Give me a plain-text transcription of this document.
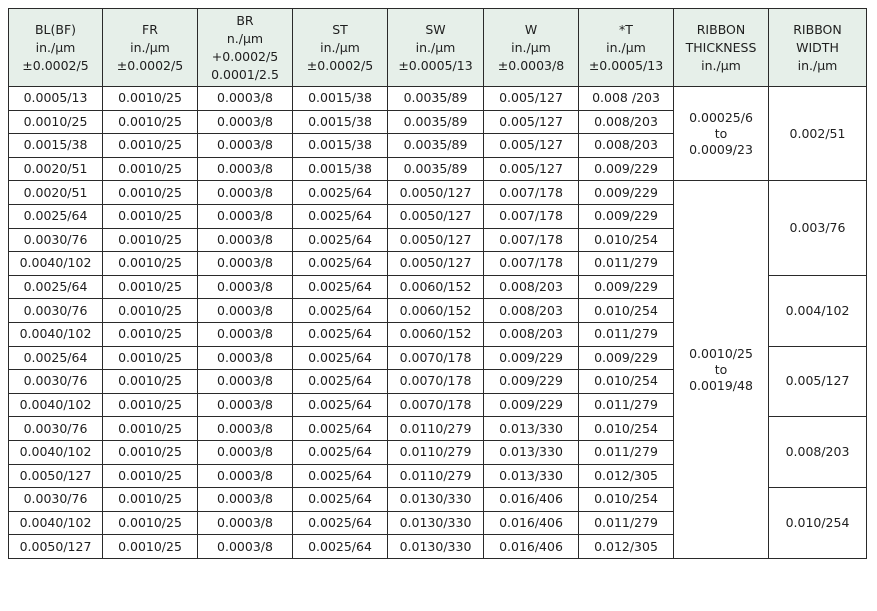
BL(BF)
in./µm
±0.0002/5	FR
in./µm
±0.0002/5	BR
n./µm
+0.0002/5
0.0001/2.5	ST
in./µm
±0.0002/5	SW
in./µm
±0.0005/13	W
in./µm
±0.0003/8	*T
in./µm
±0.0005/13	RIBBON
THICKNESS
in./µm	RIBBON
WIDTH
in./µm

0.0005/13	0.0010/25	0.0003/8	0.0015/38	0.0035/89	0.005/127	0.008 /203	0.00025/6
to
0.0009/23	0.002/51
0.0010/25	0.0010/25	0.0003/8	0.0015/38	0.0035/89	0.005/127	0.008/203		
0.0015/38	0.0010/25	0.0003/8	0.0015/38	0.0035/89	0.005/127	0.008/203		
0.0020/51	0.0010/25	0.0003/8	0.0015/38	0.0035/89	0.005/127	0.009/229		
0.0020/51	0.0010/25	0.0003/8	0.0025/64	0.0050/127	0.007/178	0.009/229	0.0010/25
to
0.0019/48	0.003/76
0.0025/64	0.0010/25	0.0003/8	0.0025/64	0.0050/127	0.007/178	0.009/229		
0.0030/76	0.0010/25	0.0003/8	0.0025/64	0.0050/127	0.007/178	0.010/254		
0.0040/102	0.0010/25	0.0003/8	0.0025/64	0.0050/127	0.007/178	0.011/279		
0.0025/64	0.0010/25	0.0003/8	0.0025/64	0.0060/152	0.008/203	0.009/229		0.004/102
0.0030/76	0.0010/25	0.0003/8	0.0025/64	0.0060/152	0.008/203	0.010/254		
0.0040/102	0.0010/25	0.0003/8	0.0025/64	0.0060/152	0.008/203	0.011/279		
0.0025/64	0.0010/25	0.0003/8	0.0025/64	0.0070/178	0.009/229	0.009/229		0.005/127
0.0030/76	0.0010/25	0.0003/8	0.0025/64	0.0070/178	0.009/229	0.010/254		
0.0040/102	0.0010/25	0.0003/8	0.0025/64	0.0070/178	0.009/229	0.011/279		
0.0030/76	0.0010/25	0.0003/8	0.0025/64	0.0110/279	0.013/330	0.010/254		0.008/203
0.0040/102	0.0010/25	0.0003/8	0.0025/64	0.0110/279	0.013/330	0.011/279		
0.0050/127	0.0010/25	0.0003/8	0.0025/64	0.0110/279	0.013/330	0.012/305		
0.0030/76	0.0010/25	0.0003/8	0.0025/64	0.0130/330	0.016/406	0.010/254		0.010/254
0.0040/102	0.0010/25	0.0003/8	0.0025/64	0.0130/330	0.016/406	0.011/279		
0.0050/127	0.0010/25	0.0003/8	0.0025/64	0.0130/330	0.016/406	0.012/305		
